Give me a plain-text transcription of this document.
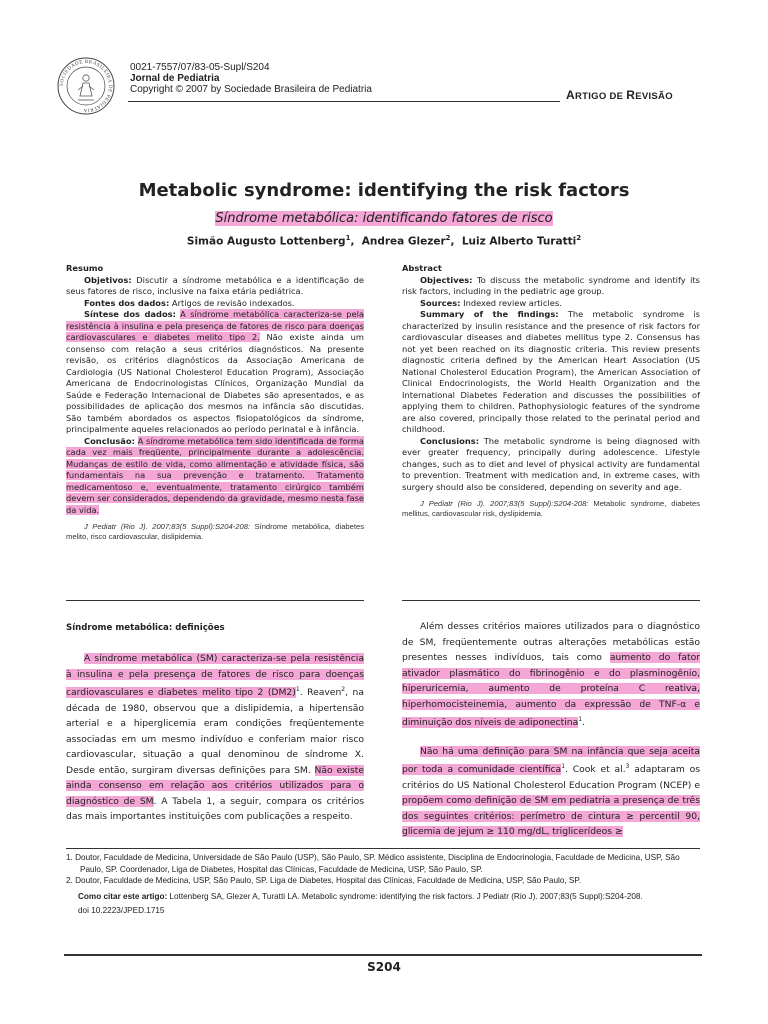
SOCIEDADE BRASILEIRA DE PEDIATRIA
0021-7557/07/83-05-Supl/S204
Jornal de Pediatria
Copyright © 2007 by Sociedade Brasileira de Pediatria	ARTIGO DE REVISÃO
Metabolic syndrome: identifying the risk factors
Síndrome metabólica: identificando fatores de risco
Simão Augusto Lottenberg$^1$,  Andrea Glezer$^2$,  Luiz Alberto Turatti$^2$

Resumo

Objetivos: Discutir a síndrome metabólica e a identificação de seus fatores de risco, inclusive na faixa etária pediátrica.

Fontes dos dados: Artigos de revisão indexados.

Síntese dos dados: A síndrome metabólica caracteriza-se pela resistência à insulina e pela presença de fatores de risco para doenças cardiovasculares e diabetes melito tipo 2. Não existe ainda um consenso com relação a seus critérios diagnósticos. Na presente revisão, os critérios diagnósticos da Associação Americana de Cardiologia (US National Cholesterol Education Program), Associação Americana de Endocrinologistas Clínicos, Organização Mundial da Saúde e Federação Internacional de Diabetes são apresentados, e as possibilidades de aplicação dos mesmos na infância são discutidas. São também abordados os aspectos fisiopatológicos da síndrome, principalmente aqueles relacionados ao período perinatal e à infância.

Conclusão: A síndrome metabólica tem sido identificada de forma cada vez mais freqüente, principalmente durante a adolescência. Mudanças de estilo de vida, como alimentação e atividade física, são fundamentais na sua prevenção e tratamento. Tratamento medicamentoso e, eventualmente, tratamento cirúrgico também devem ser considerados, dependendo da gravidade, mesmo nesta fase da vida.

J Pediatr (Rio J). 2007;83(5 Suppl):S204-208: Síndrome metabólica, diabetes melito, risco cardiovascular, dislipidemia.

Abstract

Objectives: To discuss the metabolic syndrome and identify its risk factors, including in the pediatric age group.

Sources: Indexed review articles.

Summary of the findings: The metabolic syndrome is characterized by insulin resistance and the presence of risk factors for cardiovascular diseases and diabetes mellitus type 2. Consensus has not yet been reached on its diagnostic criteria. This review presents diagnostic criteria defined by the American Heart Association (US National Cholesterol Education Program), the American Association of Clinical Endocrinologists, the World Health Organization and the International Diabetes Federation and discusses the possibilities of applying them to children. Pathophysiologic features of the syndrome are also covered, principally those related to the perinatal period and childhood.

Conclusions: The metabolic syndrome is being diagnosed with ever greater frequency, principally during adolescence. Lifestyle changes, such as to diet and level of physical activity are fundamental to prevention. Treatment with medication and, in extreme cases, with surgery should also be considered, depending on severity and age.

J Pediatr (Rio J). 2007;83(5 Suppl):S204-208: Metabolic syndrome, diabetes mellitus, cardiovascular risk, dyslipidemia.

Síndrome metabólica: definições

A síndrome metabólica (SM) caracteriza-se pela resistência à insulina e pela presença de fatores de risco para doenças cardiovasculares e diabetes melito tipo 2 $(DM2)^1$. Reaven$^2$, na década de 1980, observou que a dislipidemia, a hipertensão arterial e a hiperglicemia eram condições freqüentemente associadas em um mesmo indivíduo e conferiam maior risco cardiovascular, situação a qual denominou de síndrome X. Desde então, surgiram diversas definições para SM. Não existe ainda consenso em relação aos critérios utilizados para o diagnóstico de SM. A Tabela 1, a seguir, compara os critérios das mais importantes instituições com publicações a respeito.

Além desses critérios maiores utilizados para o diagnóstico de SM, freqüentemente outras alterações metabólicas estão presentes nesses indivíduos, tais como aumento do fator ativador plasmático do fibrinogênio e do plasminogênio, hiperuricemia, aumento de proteína C reativa, hiperhomocisteinemia, aumento da expressão de TNF-α e diminuição dos níveis de adiponectina$^1$.

Não há uma definição para SM na infância que seja aceita por toda a comunidade científica$^1$. Cook et al.$^3$ adaptaram os critérios do US National Cholesterol Education Program (NCEP) e propõem como definição de SM em pediatria a presença de três dos seguintes critérios: perímetro de cintura ≥ percentil 90, glicemia de jejum ≥ 110 mg/dL, triglicerídeos ≥

1. Doutor, Faculdade de Medicina, Universidade de São Paulo (USP), São Paulo, SP. Médico assistente, Disciplina de Endocrinologia, Faculdade de Medicina, USP, São Paulo, SP. Coordenador, Liga de Diabetes, Hospital das Clínicas, Faculdade de Medicina, USP, São Paulo, SP.
2. Doutor, Faculdade de Medicina, USP, São Paulo, SP. Liga de Diabetes, Hospital das Clínicas, Faculdade de Medicina, USP, São Paulo, SP.
Como citar este artigo: Lottenberg SA, Glezer A, Turatti LA. Metabolic syndrome: identifying the risk factors. J Pediatr (Rio J). 2007;83(5 Suppl):S204-208.
doi 10.2223/JPED.1715
S204
